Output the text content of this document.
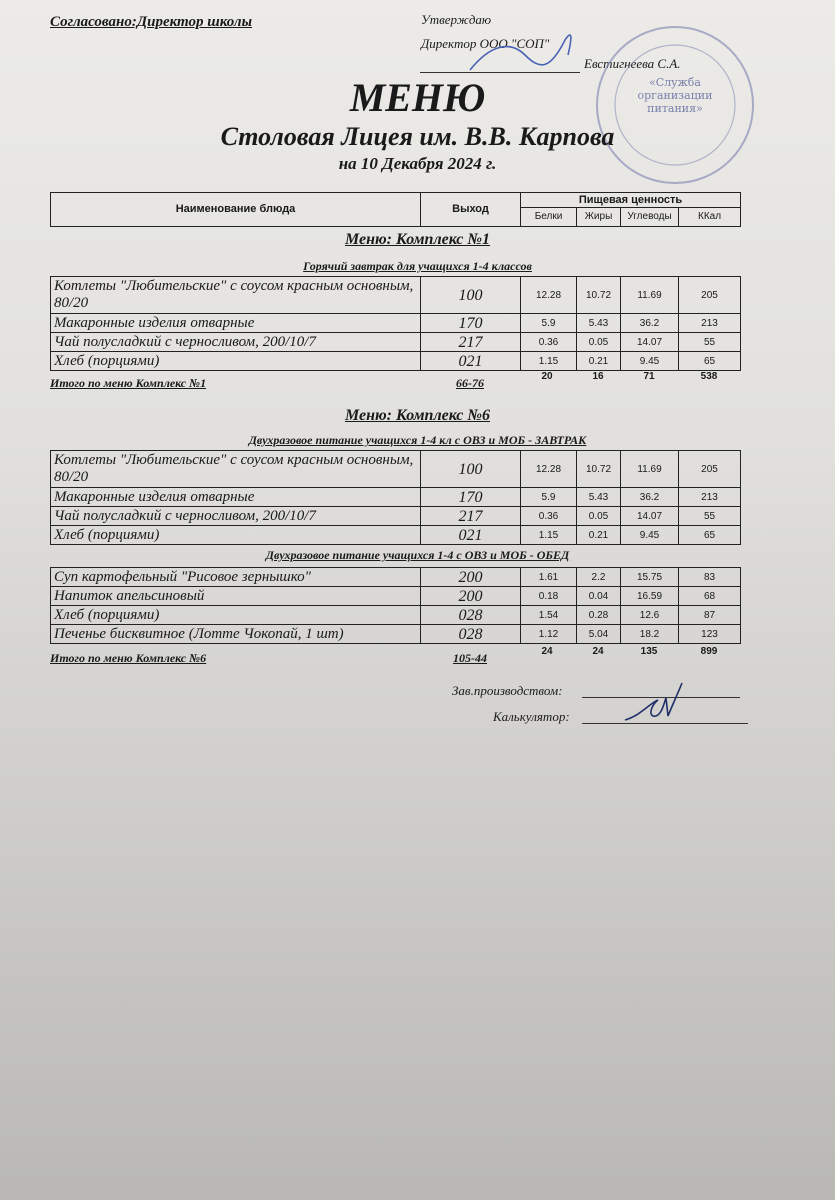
Согласовано:Директор школы	Утверждаю
Директор ООО "СОП"
Евстигнеева С.А.
«Служба
организации
питания»
МЕНЮ
Столовая Лицея им. В.В. Карпова
на 10 Декабря 2024 г.
Наименование блюда	Выход	Пищевая ценность			
		Белки	Жиры	Углеводы	ККал
Меню: Комплекс №1
Горячий завтрак для учащихся 1-4 классов
Котлеты "Любительские" с соусом красным основным, 80/20	100	12.28	10.72	11.69	205
Макаронные изделия отварные	170	5.9	5.43	36.2	213
Чай полусладкий с черносливом, 200/10/7	217	0.36	0.05	14.07	55
Хлеб (порциями)	021	1.15	0.21	9.45	65
Итого по меню Комплекс №1	66-76	20	16	71	538
Меню: Комплекс №6
Двухразовое питание учащихся 1-4 кл с ОВЗ и МОБ - ЗАВТРАК
Котлеты "Любительские" с соусом красным основным, 80/20	100	12.28	10.72	11.69	205
Макаронные изделия отварные	170	5.9	5.43	36.2	213
Чай полусладкий с черносливом, 200/10/7	217	0.36	0.05	14.07	55
Хлеб (порциями)	021	1.15	0.21	9.45	65
Двухразовое питание учащихся 1-4 с ОВЗ и МОБ - ОБЕД
Суп картофельный "Рисовое зернышко"	200	1.61	2.2	15.75	83
Напиток апельсиновый	200	0.18	0.04	16.59	68
Хлеб (порциями)	028	1.54	0.28	12.6	87
Печенье бисквитное (Лотте Чокопай, 1 шт)	028	1.12	5.04	18.2	123
Итого по меню Комплекс №6	105-44	24	24	135	899
Зав.производством:
Калькулятор:
